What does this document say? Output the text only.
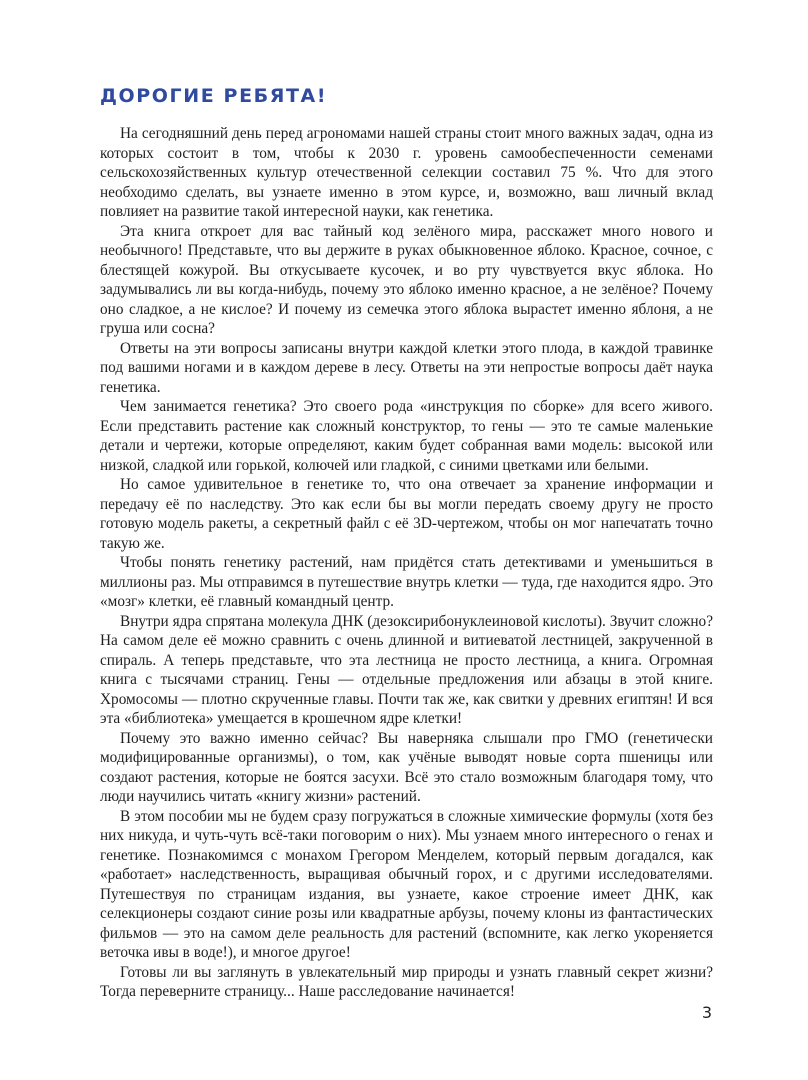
ДОРОГИЕ РЕБЯТА!

На сегодняшний день перед агрономами нашей страны стоит много важных задач, одна из которых состоит в том, чтобы к 2030 г. уровень самообеспеченности семенами сельскохозяйственных культур отечественной селекции составил 75 %. Что для этого необходимо сделать, вы узнаете именно в этом курсе, и, возможно, ваш личный вклад повлияет на развитие такой интересной науки, как генетика.

Эта книга откроет для вас тайный код зелёного мира, расскажет много нового и необычного! Представьте, что вы держите в руках обыкновенное яблоко. Красное, сочное, с блестящей кожурой. Вы откусываете кусочек, и во рту чувствуется вкус яблока. Но задумывались ли вы когда-нибудь, почему это яблоко именно красное, а не зелёное? Почему оно сладкое, а не кислое? И почему из семечка этого яблока вырастет именно яблоня, а не груша или сосна?

Ответы на эти вопросы записаны внутри каждой клетки этого плода, в каждой травинке под вашими ногами и в каждом дереве в лесу. Ответы на эти непростые вопросы даёт наука генетика.

Чем занимается генетика? Это своего рода «инструкция по сборке» для всего живого. Если представить растение как сложный конструктор, то гены — это те самые маленькие детали и чертежи, которые определяют, каким будет собранная вами модель: высокой или низкой, сладкой или горькой, колючей или гладкой, с синими цветками или белыми.

Но самое удивительное в генетике то, что она отвечает за хранение информации и передачу её по наследству. Это как если бы вы могли передать своему другу не просто готовую модель ракеты, а секретный файл с её 3D-чертежом, чтобы он мог напечатать точно такую же.

Чтобы понять генетику растений, нам придётся стать детективами и уменьшиться в миллионы раз. Мы отправимся в путешествие внутрь клетки — туда, где находится ядро. Это «мозг» клетки, её главный командный центр.

Внутри ядра спрятана молекула ДНК (дезоксирибонуклеиновой кислоты). Звучит сложно? На самом деле её можно сравнить с очень длинной и витиеватой лестницей, закрученной в спираль. А теперь представьте, что эта лестница не просто лестница, а книга. Огромная книга с тысячами страниц. Гены — отдельные предложения или абзацы в этой книге. Хромосомы — плотно скрученные главы. Почти так же, как свитки у древних египтян! И вся эта «библиотека» умещается в крошечном ядре клетки!

Почему это важно именно сейчас? Вы наверняка слышали про ГМО (генетически модифицированные организмы), о том, как учёные выводят новые сорта пшеницы или создают растения, которые не боятся засухи. Всё это стало возможным благодаря тому, что люди научились читать «книгу жизни» растений.

В этом пособии мы не будем сразу погружаться в сложные химические формулы (хотя без них никуда, и чуть-чуть всё-таки поговорим о них). Мы узнаем много интересного о генах и генетике. Познакомимся с монахом Грегором Менделем, который первым догадался, как «работает» наследственность, выращивая обычный горох, и с другими исследователями. Путешествуя по страницам издания, вы узнаете, какое строение имеет ДНК, как селекционеры создают синие розы или квадратные арбузы, почему клоны из фантастических фильмов — это на самом деле реальность для растений (вспомните, как легко укореняется веточка ивы в воде!), и многое другое!

Готовы ли вы заглянуть в увлекательный мир природы и узнать главный секрет жизни? Тогда переверните страницу... Наше расследование начинается!

3
